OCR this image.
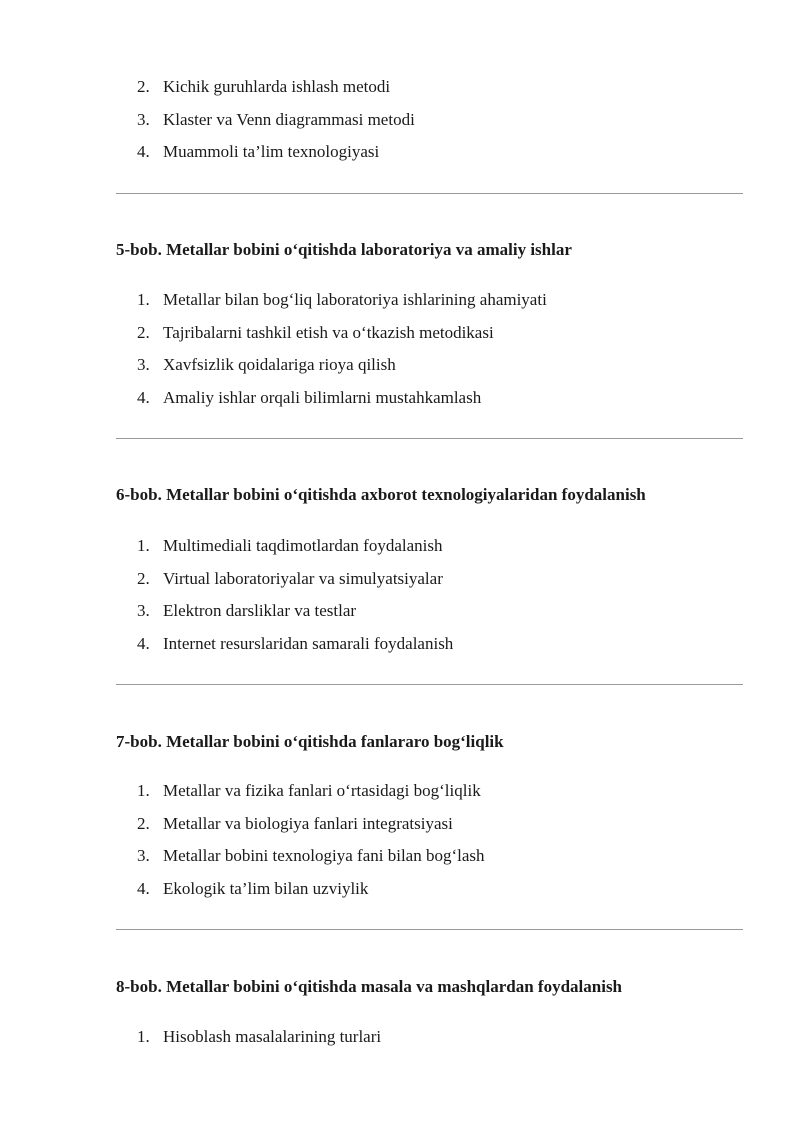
2. Kichik guruhlarda ishlash metodi
3. Klaster va Venn diagrammasi metodi
4. Muammoli ta’lim texnologiyasi
5-bob. Metallar bobini o‘qitishda laboratoriya va amaliy ishlar
1. Metallar bilan bog‘liq laboratoriya ishlarining ahamiyati
2. Tajribalarni tashkil etish va o‘tkazish metodikasi
3. Xavfsizlik qoidalariga rioya qilish
4. Amaliy ishlar orqali bilimlarni mustahkamlash
6-bob. Metallar bobini o‘qitishda axborot texnologiyalaridan foydalanish
1. Multimediali taqdimotlardan foydalanish
2. Virtual laboratoriyalar va simulyatsiyalar
3. Elektron darsliklar va testlar
4. Internet resurslaridan samarali foydalanish
7-bob. Metallar bobini o‘qitishda fanlararo bog‘liqlik
1. Metallar va fizika fanlari o‘rtasidagi bog‘liqlik
2. Metallar va biologiya fanlari integratsiyasi
3. Metallar bobini texnologiya fani bilan bog‘lash
4. Ekologik ta’lim bilan uzviylik
8-bob. Metallar bobini o‘qitishda masala va mashqlardan foydalanish
1. Hisoblash masalalarining turlari
